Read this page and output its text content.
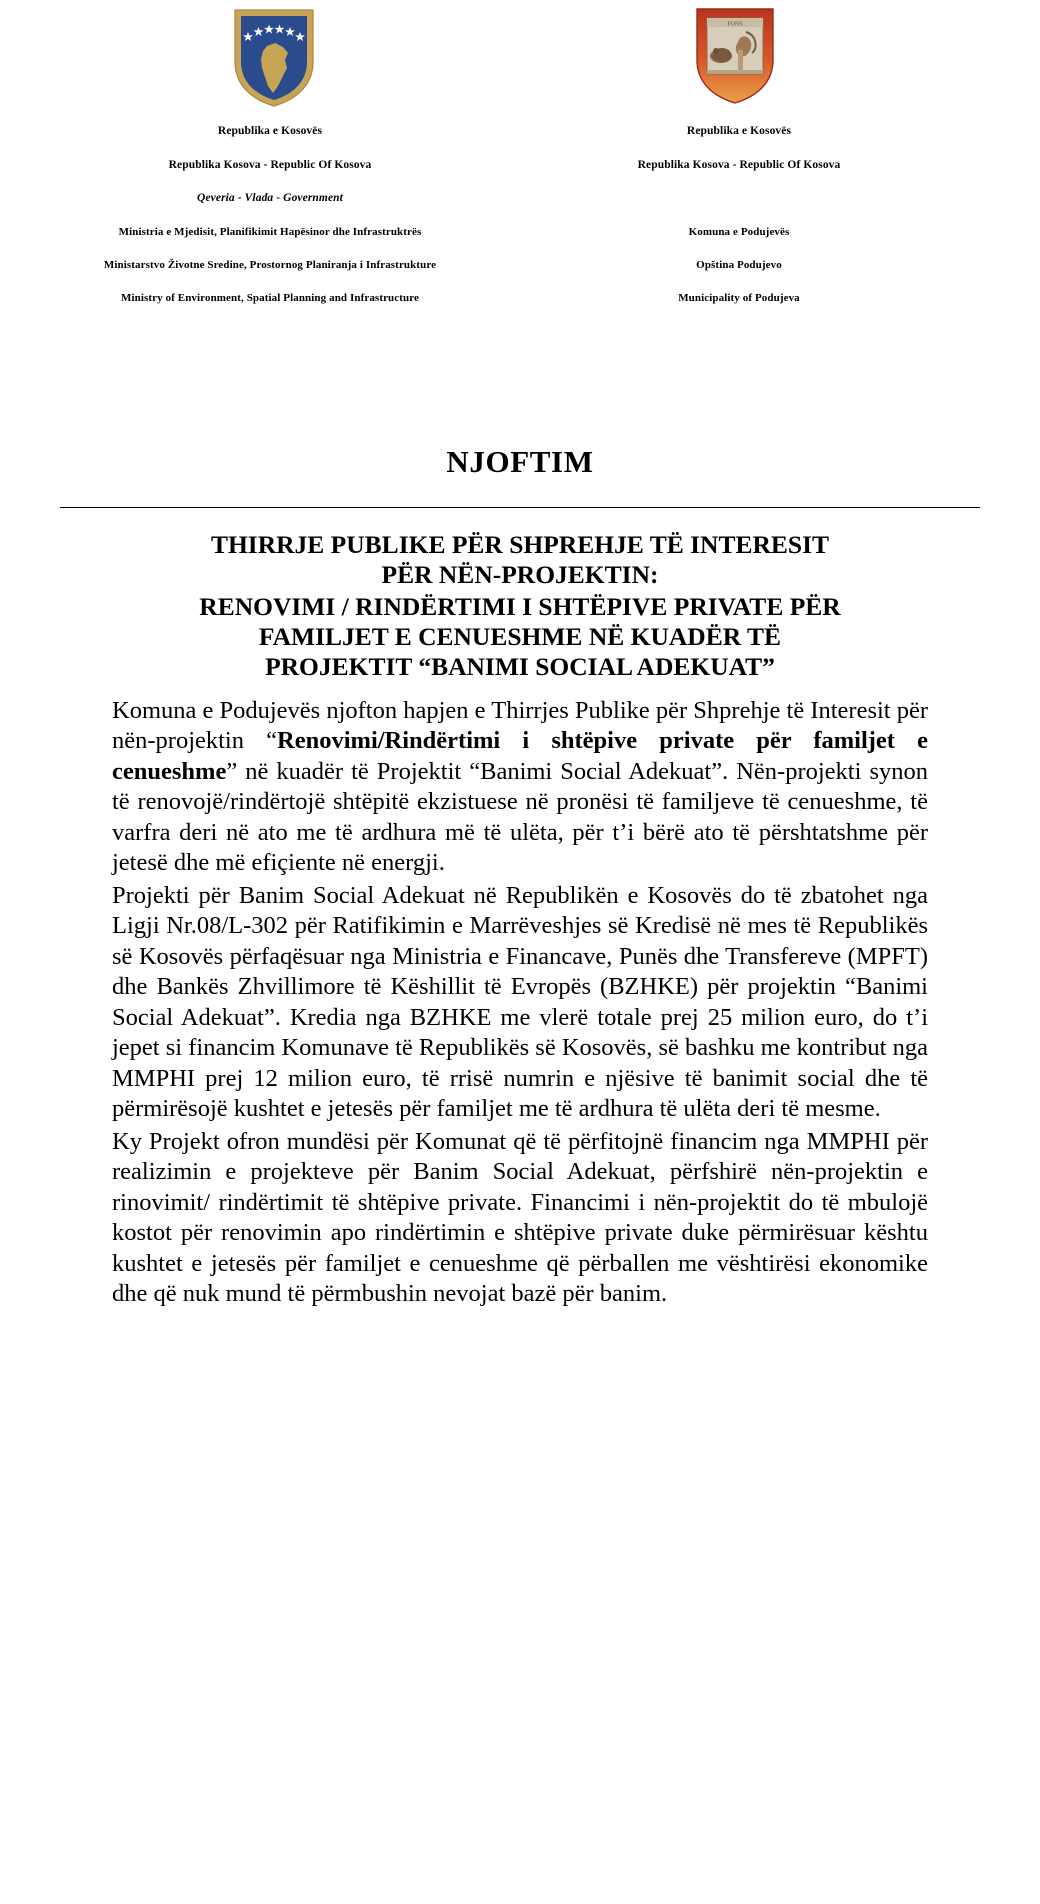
Republika e Kosovës
Republika Kosova - Republic Of Kosova
Qeveria - Vlada - Government
Ministria e Mjedisit, Planifikimit Hapësinor dhe Infrastruktrës
Ministarstvo Životne Sredine, Prostornog Planiranja i Infrastrukture
Ministry of Environment, Spatial Planning and Infrastructure
FONS
Republika e Kosovës
Republika Kosova - Republic Of Kosova

Komuna e Podujevës
Opština Podujevo
Municipality of Podujeva
NJOFTIM
THIRRJE PUBLIKE PËR SHPREHJE TË INTERESIT
PËR NËN-PROJEKTIN:
RENOVIMI / RINDËRTIMI I SHTËPIVE PRIVATE PËR
FAMILJET E CENUESHME NË KUADËR TË
PROJEKTIT “BANIMI SOCIAL ADEKUAT”

Komuna e Podujevës njofton hapjen e Thirrjes Publike për Shprehje të Interesit për nën-projektin “Renovimi/Rindërtimi i shtëpive private për familjet e cenueshme” në kuadër të Projektit “Banimi Social Adekuat”. Nën-projekti synon të renovojë/rindërtojë shtëpitë ekzistuese në pronësi të familjeve të cenueshme, të varfra deri në ato me të ardhura më të ulëta, për t’i bërë ato të përshtatshme për jetesë dhe më efiçiente në energji.

Projekti për Banim Social Adekuat në Republikën e Kosovës do të zbatohet nga Ligji Nr.08/L-302 për Ratifikimin e Marrëveshjes së Kredisë në mes të Republikës së Kosovës përfaqësuar nga Ministria e Financave, Punës dhe Transfereve (MPFT) dhe Bankës Zhvillimore të Këshillit të Evropës (BZHKE) për projektin “Banimi Social Adekuat”. Kredia nga BZHKE me vlerë totale prej 25 milion euro, do t’i jepet si financim Komunave të Republikës së Kosovës, së bashku me kontribut nga MMPHI prej 12 milion euro, të rrisë numrin e njësive të banimit social dhe të përmirësojë kushtet e jetesës për familjet me të ardhura të ulëta deri të mesme.

Ky Projekt ofron mundësi për Komunat që të përfitojnë financim nga MMPHI për realizimin e projekteve për Banim Social Adekuat, përfshirë nën-projektin e rinovimit/ rindërtimit të shtëpive private. Financimi i nën-projektit do të mbulojë kostot për renovimin apo rindërtimin e shtëpive private duke përmirësuar kështu kushtet e jetesës për familjet e cenueshme që përballen me vështirësi ekonomike dhe që nuk mund të përmbushin nevojat bazë për banim.
